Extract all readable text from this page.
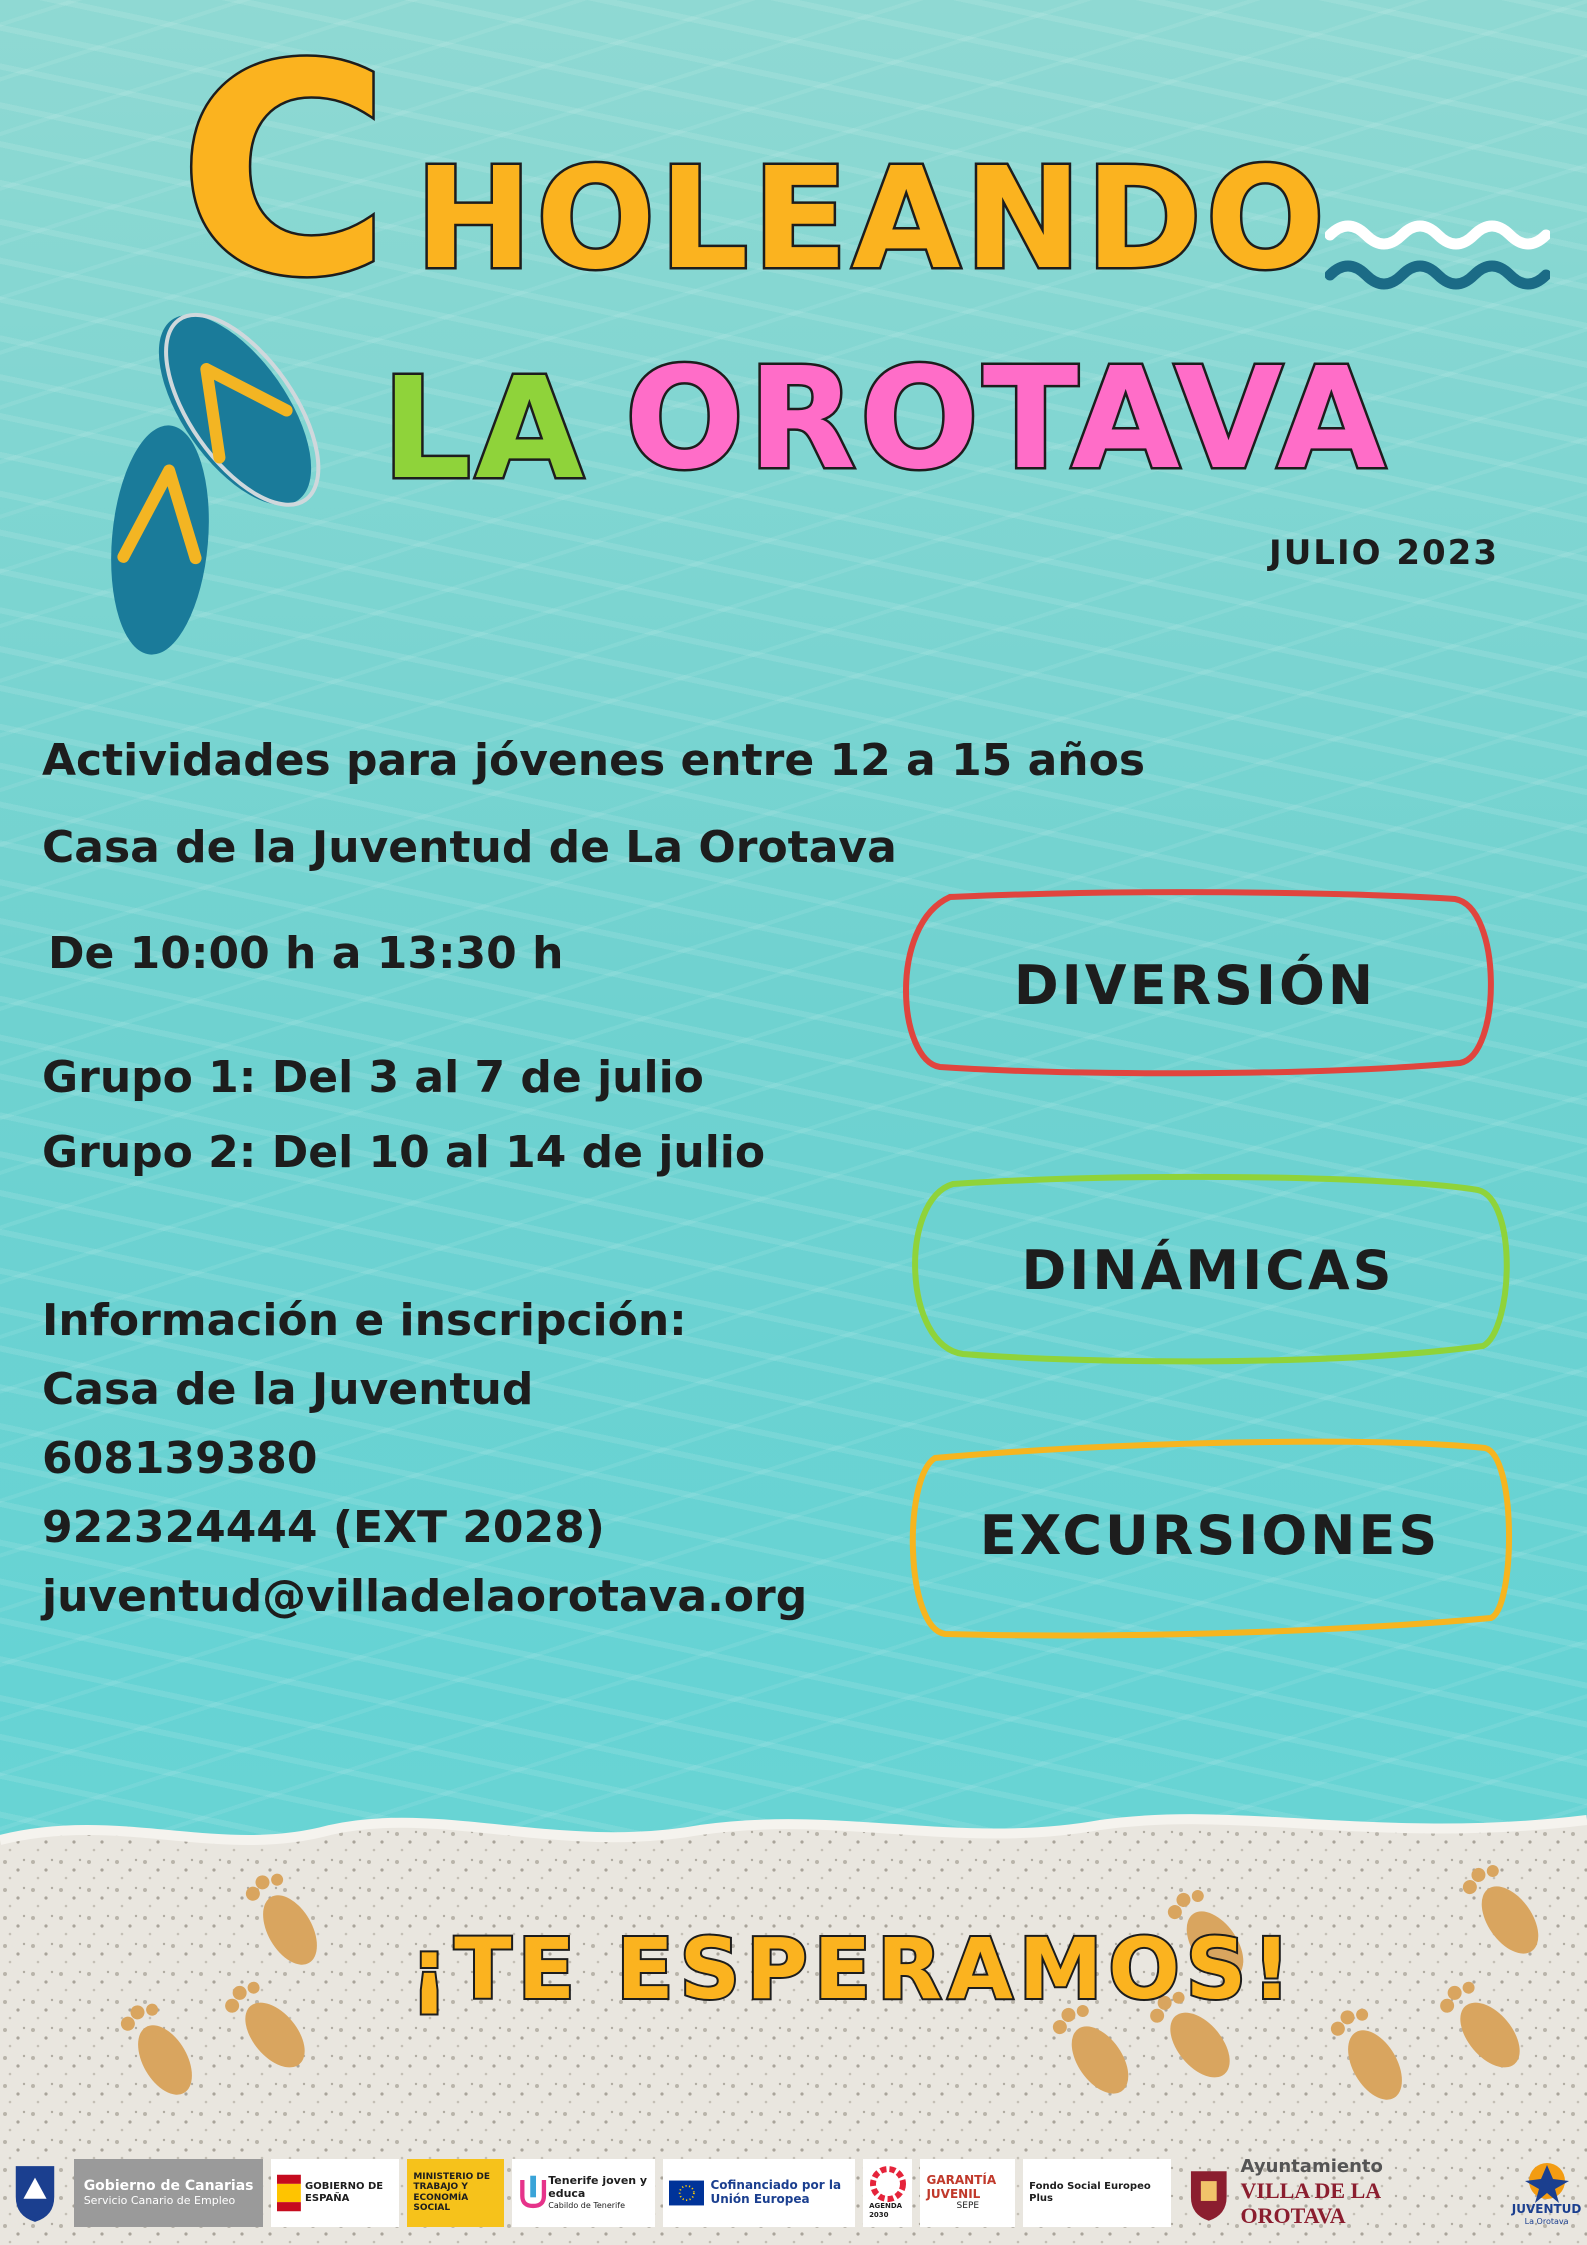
C HOLEANDO
LA OROTAVA
JULIO 2023
Actividades para jóvenes entre 12 a 15 años
Casa de la Juventud de La Orotava
De 10:00 h a 13:30 h
Grupo 1: Del 3 al 7 de julio
Grupo 2: Del 10 al 14 de julio
Información e inscripción:
Casa de la Juventud
608139380
922324444 (EXT 2028)
juventud@villadelaorotava.org
DIVERSIÓN
DINÁMICAS
EXCURSIONES
¡TE ESPERAMOS!
Gobierno de Canarias
Servicio Canario de Empleo
GOBIERNO DE ESPAÑA
MINISTERIO DE TRABAJO Y ECONOMÍA SOCIAL
Tenerife joven y educa
Cabildo de Tenerife
Cofinanciado por la Unión Europea
AGENDA 2030
GARANTÍA JUVENIL
SEPE
Fondo Social Europeo Plus
Ayuntamiento
VILLA DE LA OROTAVA	JUVENTUD
La Orotava
